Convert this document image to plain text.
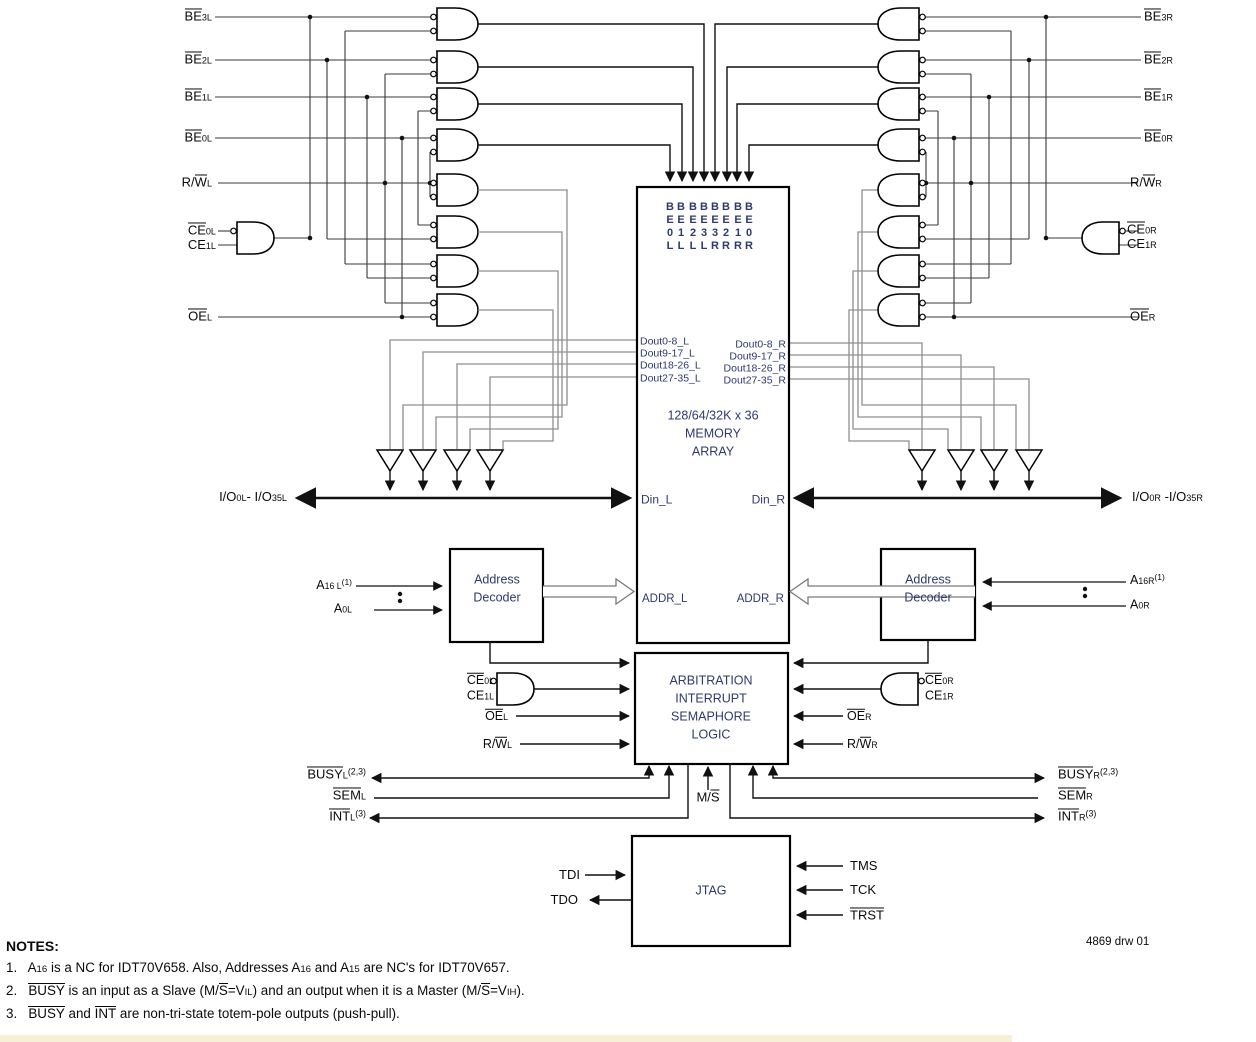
BE3L
BE2L
BE1L
BE0L
R/WL
CE0L
CE1L
OEL
BE3R
BE2R
BE1R
BE0R
R/WR
CE0R
CE1R
OER
I/O0L- I/O35L	I/O0R -I/O35R
A16 $L^{(1)}$
A0L
$A16R^{(1)}$
A0R
Address
Decoder
Address
Decoder
128/64/32K x 36
MEMORY
ARRAY
Dout0-8_L
Dout9-17_L
Dout18-26_L
Dout27-35_L
Dout0-8_R
Dout9-17_R
Dout18-26_R
Dout27-35_R
Din_L	Din_R
ADDR_L	ADDR_R
ARBITRATION
INTERRUPT
SEMAPHORE
LOGIC
CE0L
CE1L
OEL
R/WL
CE0R
CE1R
OER
R/WR
BUSYL$^{(2,3)}$
SEML
INTL$^{(3)}$
M/S
BUSYR$^{(2,3)}$
SEMR
INTR$^{(3)}$
JTAG
TDI
TDO
TMS
TCK
TRST
B
E
0
L
B
E
1
L
B
E
2
L
B
E
3
L
B
E
3
R
B
E
2
R
B
E
1
R
B
E
0
R
NOTES:
1.   A16 is a NC for IDT70V658. Also, Addresses A16 and A15 are NC's for IDT70V657.
2.   BUSY is an input as a Slave (M/S=VIL) and an output when it is a Master (M/S=VIH).
3.   BUSY and INT are non-tri-state totem-pole outputs (push-pull).
4869 drw 01
